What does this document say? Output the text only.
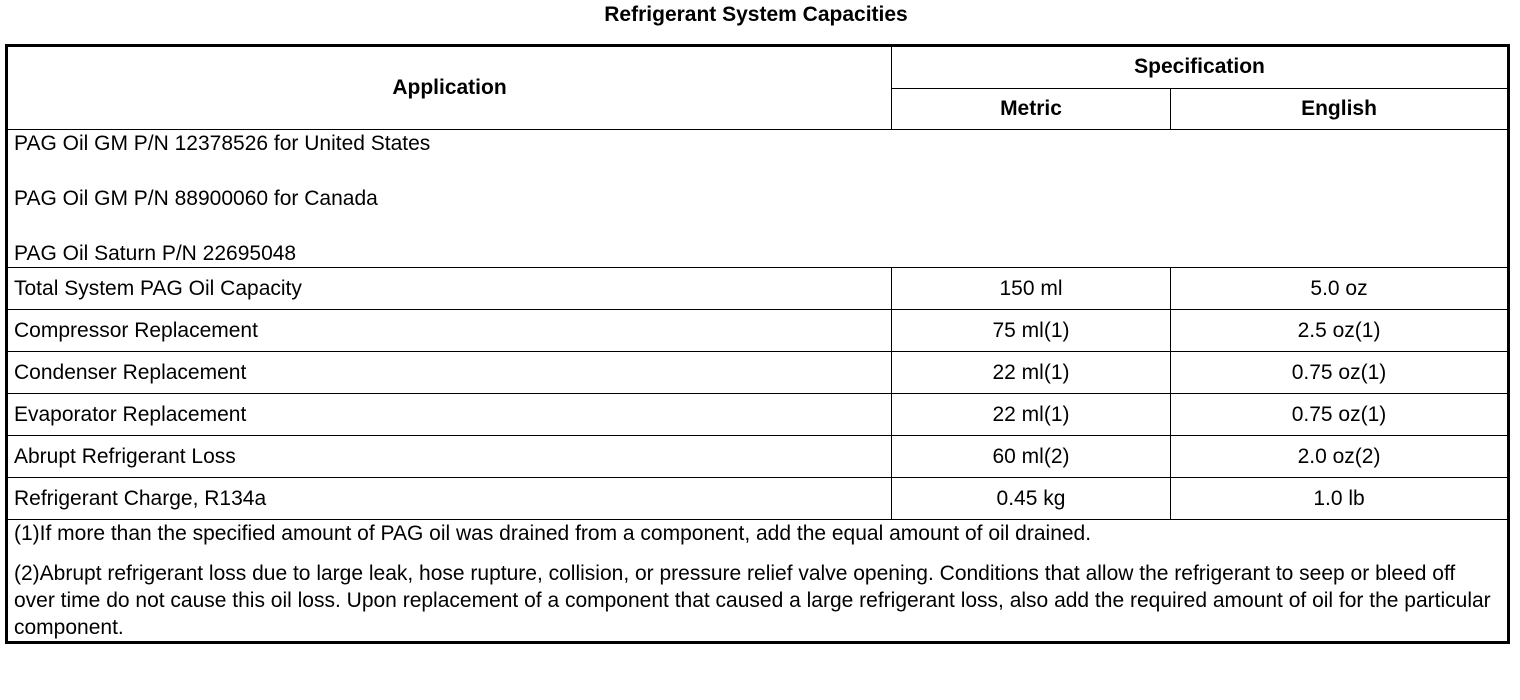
Refrigerant System Capacities
Application	Specification	
	Metric	English

PAG Oil GM P/N 12378526 for United States
PAG Oil GM P/N 88900060 for Canada
PAG Oil Saturn P/N 22695048		

Total System PAG Oil Capacity	150 ml	5.0 oz
Compressor Replacement	75 ml(1)	2.5 oz(1)
Condenser Replacement	22 ml(1)	0.75 oz(1)
Evaporator Replacement	22 ml(1)	0.75 oz(1)
Abrupt Refrigerant Loss	60 ml(2)	2.0 oz(2)
Refrigerant Charge, R134a	0.45 kg	1.0 lb

(1)If more than the specified amount of PAG oil was drained from a component, add the equal amount of oil drained.

(2)Abrupt refrigerant loss due to large leak, hose rupture, collision, or pressure relief valve opening. Conditions that allow the refrigerant to seep or bleed off over time do not cause this oil loss. Upon replacement of a component that caused a large refrigerant loss, also add the required amount of oil for the particular component.		
